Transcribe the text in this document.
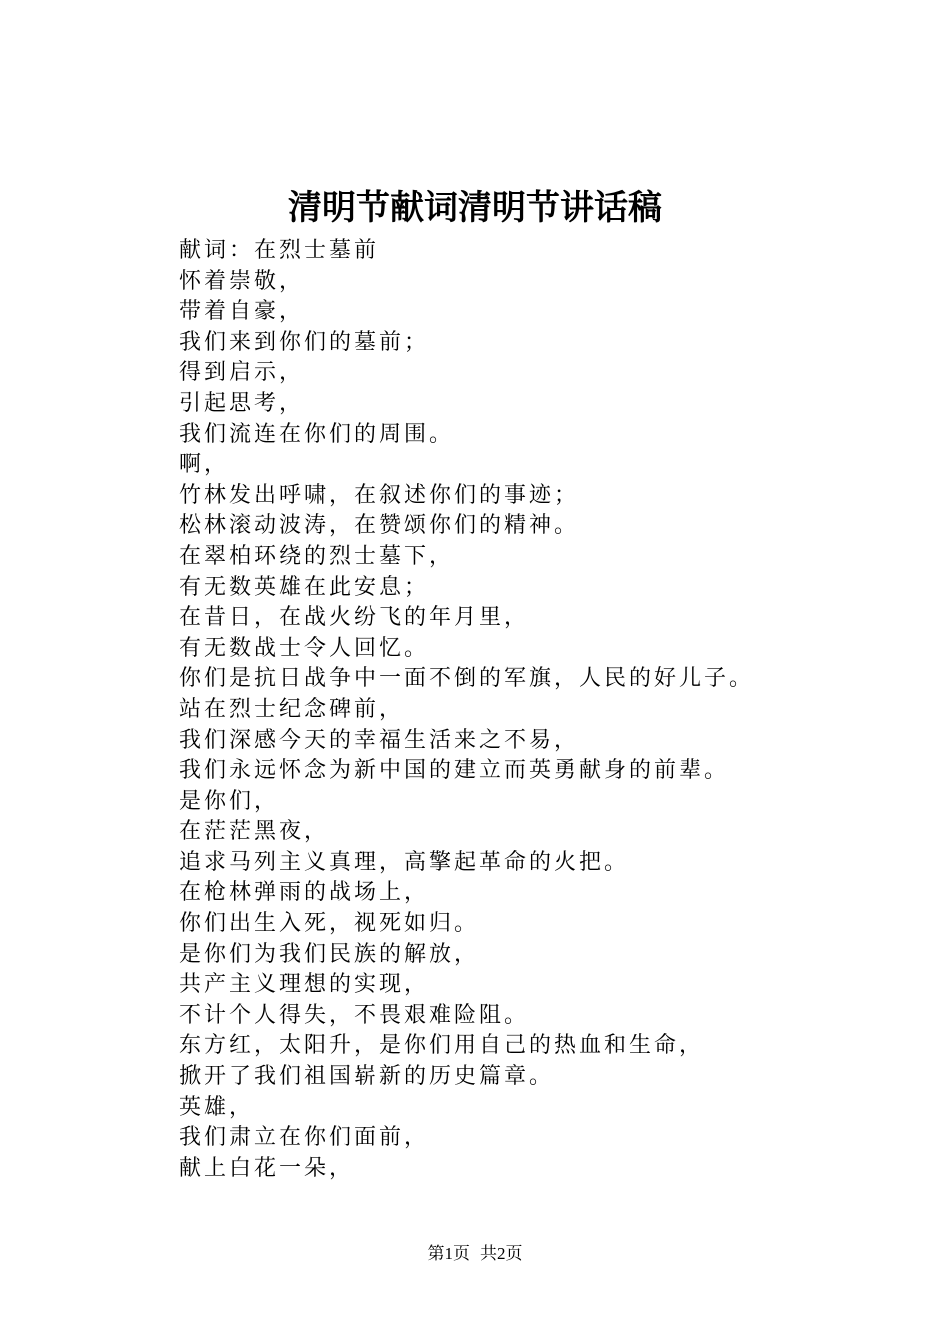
清明节献词清明节讲话稿
献词：在烈士墓前
怀着崇敬，
带着自豪，
我们来到你们的墓前；
得到启示，
引起思考，
我们流连在你们的周围。
啊，
竹林发出呼啸，在叙述你们的事迹；
松林滚动波涛，在赞颂你们的精神。
在翠柏环绕的烈士墓下，
有无数英雄在此安息；
在昔日，在战火纷飞的年月里，
有无数战士令人回忆。
你们是抗日战争中一面不倒的军旗，人民的好儿子。
站在烈士纪念碑前，
我们深感今天的幸福生活来之不易，
我们永远怀念为新中国的建立而英勇献身的前辈。
是你们，
在茫茫黑夜，
追求马列主义真理，高擎起革命的火把。
在枪林弹雨的战场上，
你们出生入死，视死如归。
是你们为我们民族的解放，
共产主义理想的实现，
不计个人得失，不畏艰难险阻。
东方红，太阳升，是你们用自己的热血和生命，
掀开了我们祖国崭新的历史篇章。
英雄，
我们肃立在你们面前，
献上白花一朵，
第1页 共2页
